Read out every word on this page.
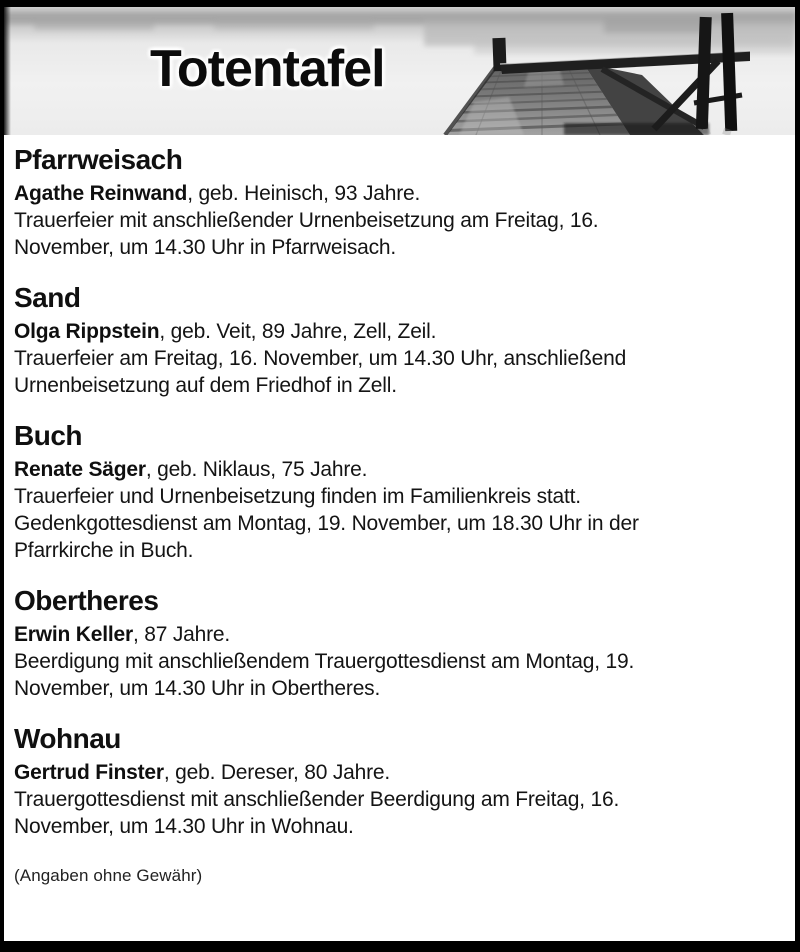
Totentafel
Pfarrweisach

Agathe Reinwand, geb. Heinisch, 93 Jahre.

Trauerfeier mit anschließender Urnenbeisetzung am Freitag, 16.

November, um 14.30 Uhr in Pfarrweisach.

Sand

Olga Rippstein, geb. Veit, 89 Jahre, Zell, Zeil.

Trauerfeier am Freitag, 16. November, um 14.30 Uhr, anschließend

Urnenbeisetzung auf dem Friedhof in Zell.

Buch

Renate Säger, geb. Niklaus, 75 Jahre.

Trauerfeier und Urnenbeisetzung finden im Familienkreis statt.

Gedenkgottesdienst am Montag, 19. November, um 18.30 Uhr in der

Pfarrkirche in Buch.

Obertheres

Erwin Keller, 87 Jahre.

Beerdigung mit anschließendem Trauergottesdienst am Montag, 19.

November, um 14.30 Uhr in Obertheres.

Wohnau

Gertrud Finster, geb. Dereser, 80 Jahre.

Trauergottesdienst mit anschließender Beerdigung am Freitag, 16.

November, um 14.30 Uhr in Wohnau.

(Angaben ohne Gewähr)
